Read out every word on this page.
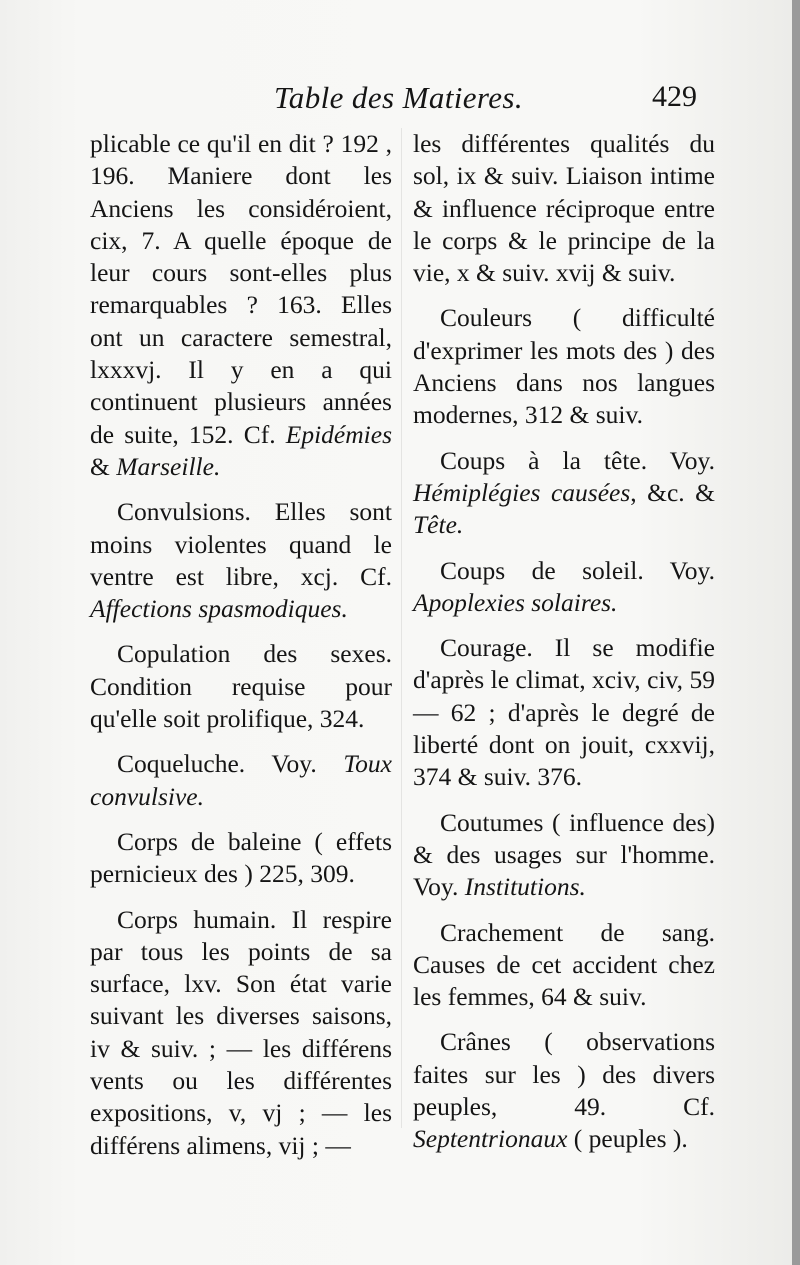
Table des Matieres.	429

plicable ce qu'il en dit ? 192 , 196. Maniere dont les Anciens les considéroient, cix, 7. A quelle époque de leur cours sont-elles plus remarquables ? 163. Elles ont un caractere semestral, lxxxvj. Il y en a qui continuent plusieurs années de suite, 152. Cf. Epidémies & Marseille.

Convulsions. Elles sont moins violentes quand le ventre est libre, xcj. Cf. Affections spasmodiques.

Copulation des sexes. Condition requise pour qu'elle soit prolifique, 324.

Coqueluche. Voy. Toux convulsive.

Corps de baleine ( effets pernicieux des ) 225, 309.

Corps humain. Il respire par tous les points de sa surface, lxv. Son état varie suivant les diverses saisons, iv & suiv. ; — les différens vents ou les différentes expositions, v, vj ; — les différens alimens, vij ; —

les différentes qualités du sol, ix & suiv. Liaison intime & influence réciproque entre le corps & le principe de la vie, x & suiv. xvij & suiv.

Couleurs ( difficulté d'exprimer les mots des ) des Anciens dans nos langues modernes, 312 & suiv.

Coups à la tête. Voy. Hémiplégies causées, &c. & Tête.

Coups de soleil. Voy. Apoplexies solaires.

Courage. Il se modifie d'après le climat, xciv, civ, 59 — 62 ; d'après le degré de liberté dont on jouit, cxxvij, 374 & suiv. 376.

Coutumes ( influence des) & des usages sur l'homme. Voy. Institutions.

Crachement de sang. Causes de cet accident chez les femmes, 64 & suiv.

Crânes ( observations faites sur les ) des divers peuples, 49. Cf. Septentrionaux ( peuples ).
